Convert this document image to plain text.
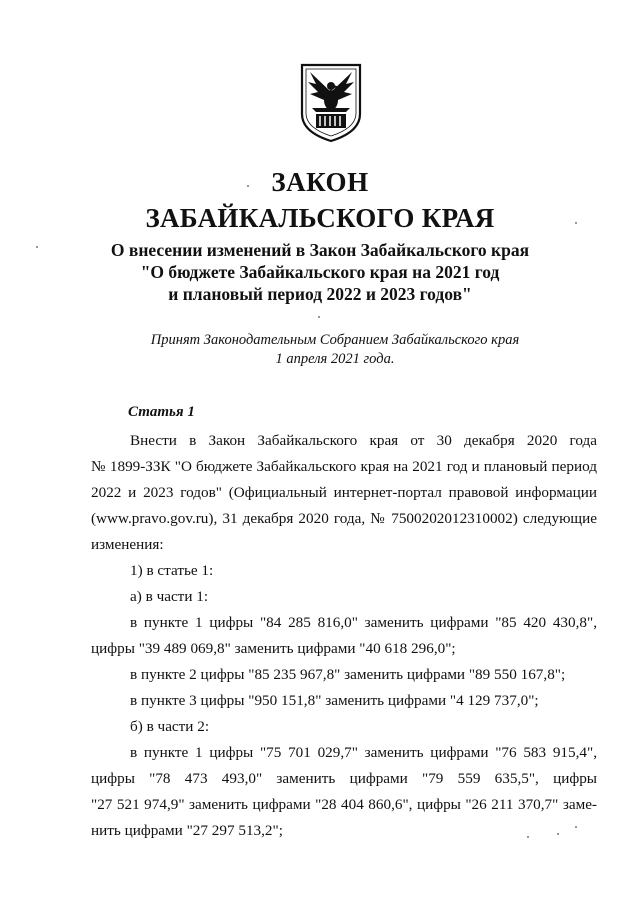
ЗАКОН
ЗАБАЙКАЛЬСКОГО КРАЯ
О внесении изменений в Закон Забайкальского края
"О бюджете Забайкальского края на 2021 год
и плановый период 2022 и 2023 годов"
Принят Законодательным Собранием Забайкальского края
1 апреля 2021 года.
Статья 1
Внести в Закон Забайкальского края от 30 декабря 2020 года
№ 1899-ЗЗК "О бюджете Забайкальского края на 2021 год и плановый период
2022 и 2023 годов" (Официальный интернет-портал правовой информации
(www.pravo.gov.ru), 31 декабря 2020 года, № 7500202012310002) следующие
изменения:
1) в статье 1:
а) в части 1:
в пункте 1 цифры "84 285 816,0" заменить цифрами "85 420 430,8",
цифры "39 489 069,8" заменить цифрами "40 618 296,0";
в пункте 2 цифры "85 235 967,8" заменить цифрами "89 550 167,8";
в пункте 3 цифры "950 151,8" заменить цифрами "4 129 737,0";
б) в части 2:
в пункте 1 цифры "75 701 029,7" заменить цифрами "76 583 915,4",
цифры "78 473 493,0" заменить цифрами "79 559 635,5", цифры
"27 521 974,9" заменить цифрами "28 404 860,6", цифры "26 211 370,7" заме-
нить цифрами "27 297 513,2";
